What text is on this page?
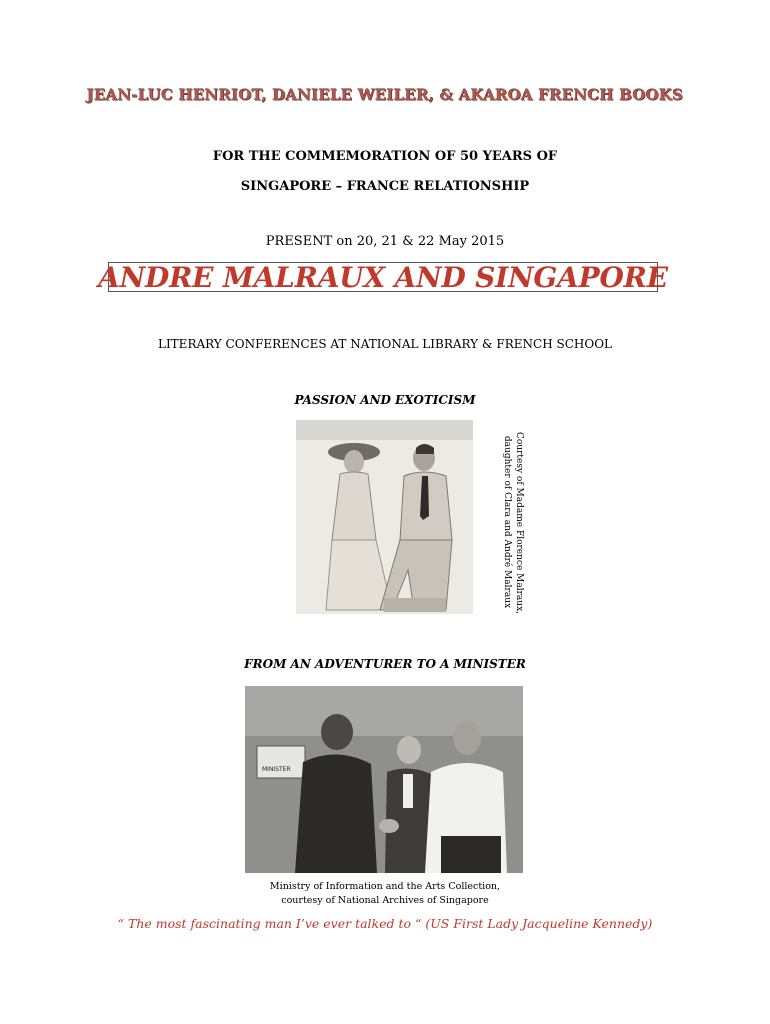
JEAN-LUC HENRIOT, DANIELE WEILER, & AKAROA FRENCH BOOKS
FOR THE COMMEMORATION OF 50 YEARS OF
SINGAPORE – FRANCE RELATIONSHIP
PRESENT on 20, 21 & 22 May 2015
ANDRE MALRAUX AND SINGAPORE
LITERARY CONFERENCES AT NATIONAL LIBRARY & FRENCH SCHOOL
PASSION AND EXOTICISM
Courtesy of Madame Florence Malraux,
daughter of Clara and André Malraux
FROM AN ADVENTURER TO A MINISTER
MINISTER
Ministry of Information and the Arts Collection,
courtesy of National Archives of Singapore
“ The most fascinating man I’ve ever talked to “ (US First Lady Jacqueline Kennedy)
